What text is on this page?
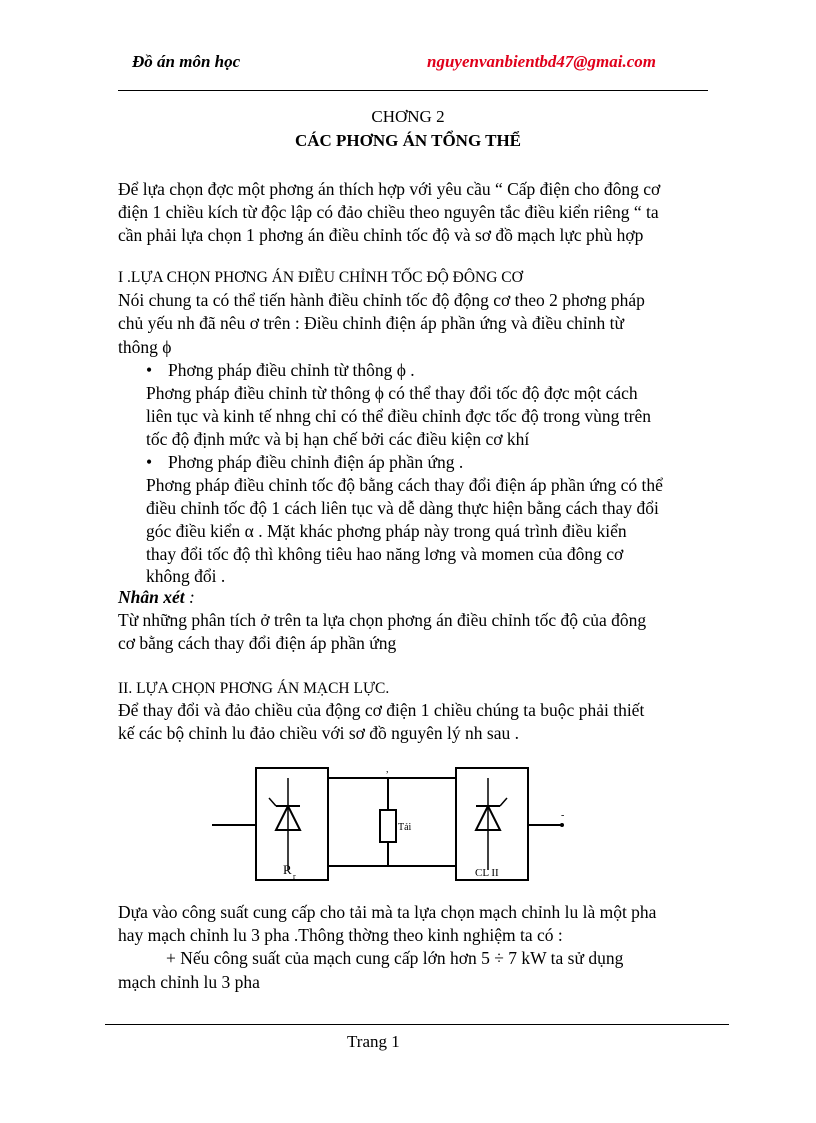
Đồ án môn học	nguyenvanbientbd47@gmai.com
CHƠNG 2
CÁC PHƠNG ÁN TỔNG THỂ
Để lựa chọn đợc một phơng án thích hợp với yêu cầu “ Cấp điện cho đông cơ
điện 1 chiều kích từ độc lập có đảo chiều theo nguyên tắc điều kiển riêng “ ta
cần phải lựa chọn 1 phơng án điều chỉnh tốc độ và sơ đồ mạch lực phù hợp
I .LỰA CHỌN PHƠNG ÁN ĐIỀU CHỈNH TỐC ĐỘ ĐÔNG CƠ
Nói chung ta có thể tiến hành điều chỉnh tốc độ động cơ theo 2 phơng pháp
chủ yếu nh đã nêu ơ trên : Điều chỉnh điện áp phần ứng và điều chỉnh từ
thông ϕ
• Phơng pháp điều chỉnh từ thông ϕ .
Phơng pháp điều chỉnh từ thông ϕ có thể thay đổi tốc độ đợc một cách
liên tục và kinh tế nhng chỉ có thể điều chỉnh đợc tốc độ trong vùng trên
tốc độ định mức và bị hạn chế bởi các điều kiện cơ khí
• Phơng pháp điều chỉnh điện áp phần ứng .
Phơng pháp điều chỉnh tốc độ bằng cách thay đổi điện áp phần ứng có thể
điều chỉnh tốc độ 1 cách liên tục và dễ dàng thực hiện bằng cách thay đổi
góc điều kiển α . Mặt khác phơng pháp này trong quá trình điều kiển
thay đổi tốc độ thì không tiêu hao năng lơng và momen của đông cơ
không đổi .
Nhân xét :
Từ những phân tích ở trên ta lựa chọn phơng án điều chỉnh tốc độ của đông
cơ bằng cách thay đổi điện áp phần ứng
II. LỰA CHỌN PHƠNG ÁN MẠCH LỰC.
Để thay đổi và đảo chiều của động cơ điện 1 chiều chúng ta buộc phải thiết
kế các bộ chỉnh lu đảo chiều với sơ đồ nguyên lý nh sau .
R r
Tải
CL II
,
-
Dựa vào công suất cung cấp cho tải mà ta lựa chọn mạch chỉnh lu là một pha
hay mạch chỉnh lu 3 pha .Thông thờng theo kinh nghiệm ta có :
+ Nếu công suất của mạch cung cấp lớn hơn 5 ÷ 7 kW ta sử dụng
mạch chỉnh lu 3 pha
Trang 1
